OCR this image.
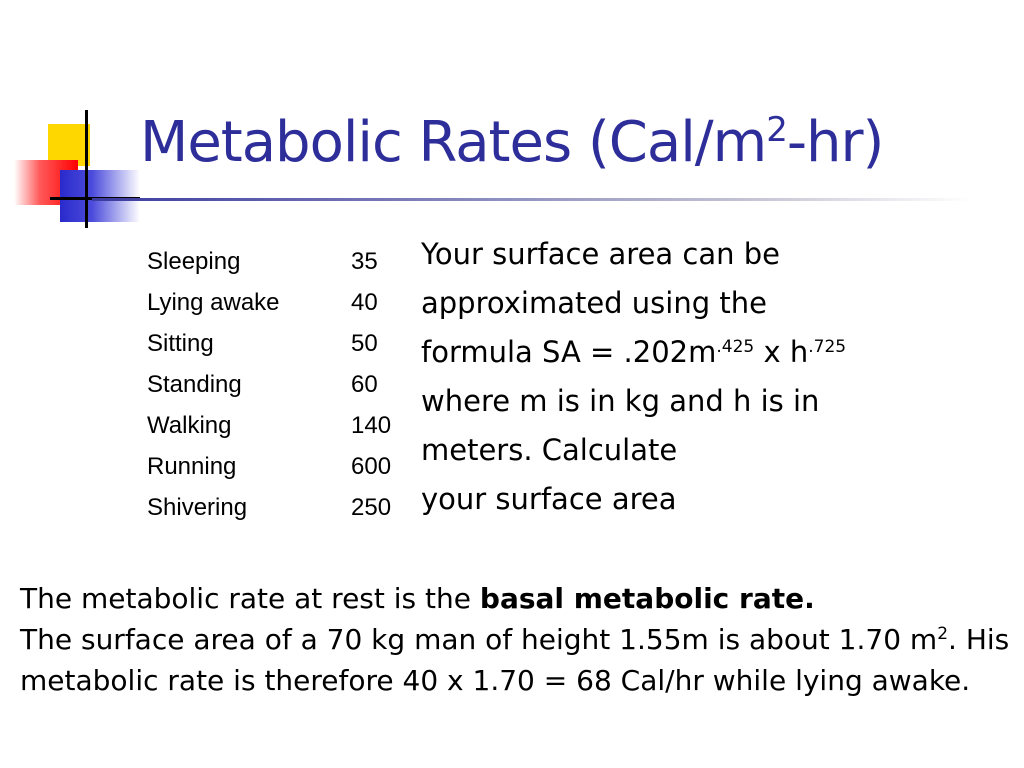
Metabolic Rates $(Cal/m^2-hr)$
Sleeping	35
Lying awake	40
Sitting	50
Standing	60
Walking	140
Running	600
Shivering	250
Your surface area can be
approximated using the
formula SA = $.202m^{.425}$ x $h^{.725}$
where m is in kg and h is in
meters. Calculate
your surface area
The metabolic rate at rest is the basal metabolic rate.
The surface area of a 70 kg man of height 1.55m is about 1.70 $m^2$. His metabolic rate is therefore 40 x 1.70 = 68 Cal/hr while lying awake.
